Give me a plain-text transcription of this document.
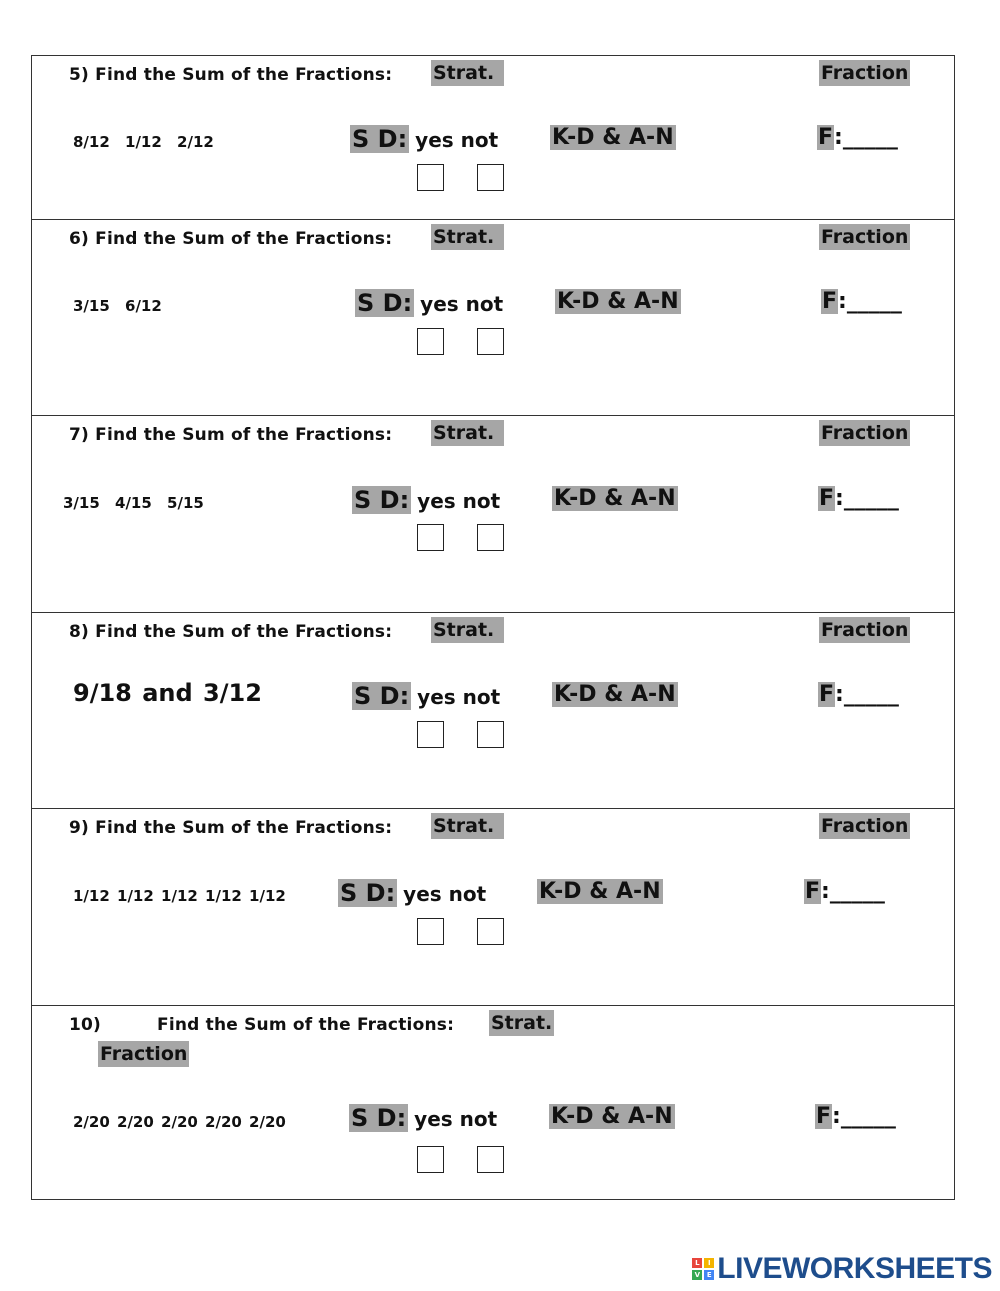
5) Find the Sum of the Fractions: Strat.	Fraction
8/12 1/12 2/12	S D: yes not K-D & A-N	F:_____
6) Find the Sum of the Fractions: Strat.	Fraction
3/15 6/12	S D: yes not K-D & A-N	F:_____
7) Find the Sum of the Fractions: Strat.	Fraction
3/15 4/15 5/15	S D: yes not K-D & A-N	F:_____
8) Find the Sum of the Fractions: Strat.	Fraction
9/18 and 3/12	S D: yes not K-D & A-N	F:_____
9) Find the Sum of the Fractions: Strat.	Fraction
1/12 1/12 1/12 1/12 1/12 S D: yes not K-D & A-N	F:_____
10)	Find the Sum of the Fractions: Strat.
Fraction
2/20 2/20 2/20 2/20 2/20	S D: yes not K-D & A-N	F:_____
L	I
V E LIVEWORKSHEETS
